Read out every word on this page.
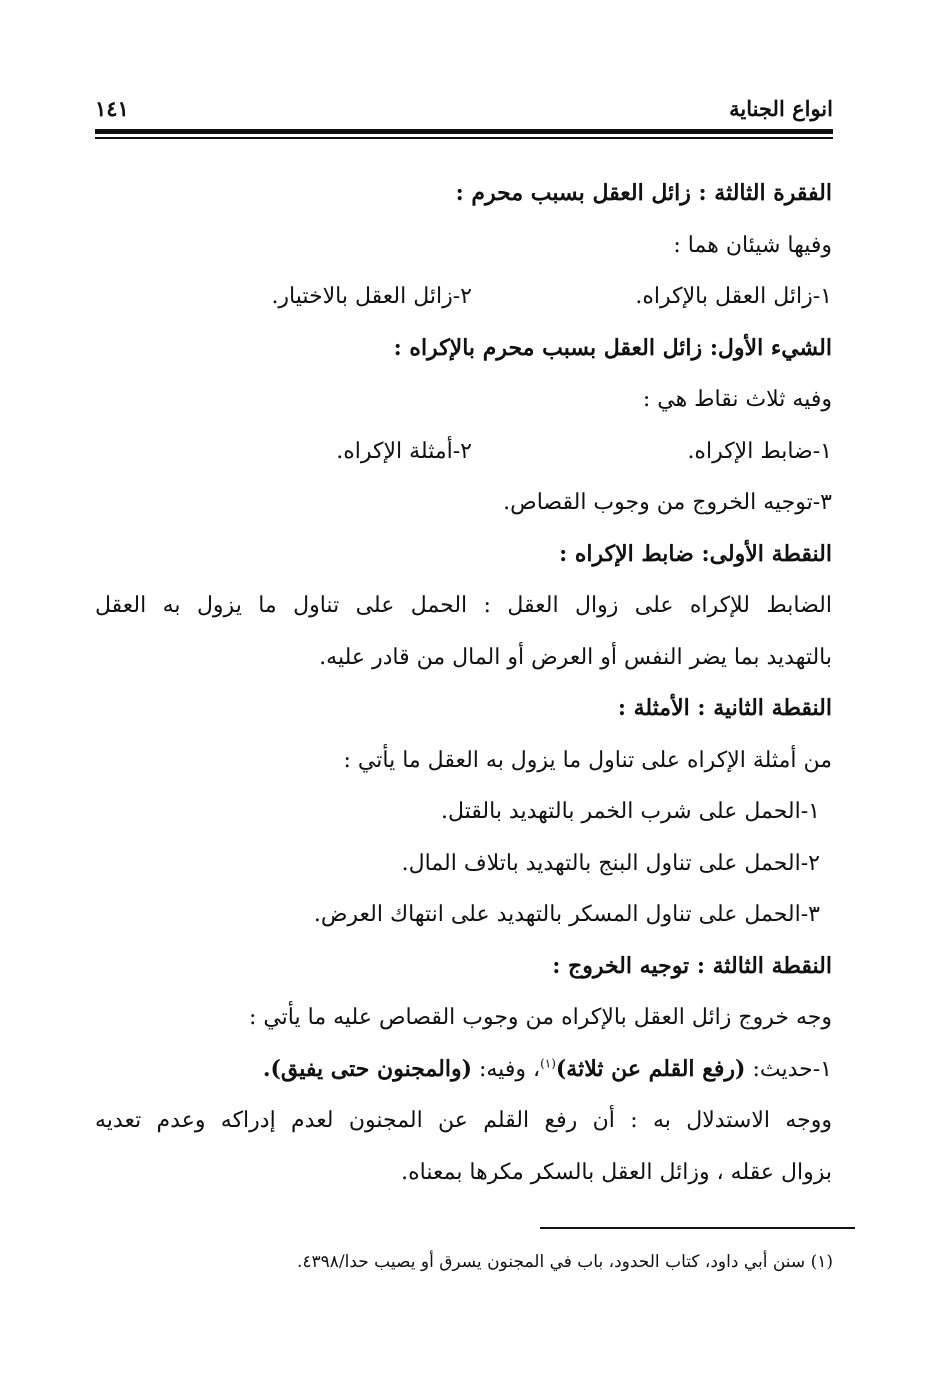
انواع الجناية
١٤١
الفقرة الثالثة : زائل العقل بسبب محرم :
وفيها شيئان هما :
١-زائل العقل بالإكراه.
٢-زائل العقل بالاختيار.
الشيء الأول: زائل العقل بسبب محرم بالإكراه :
وفيه ثلاث نقاط هي :
١-ضابط الإكراه.
٢-أمثلة الإكراه.
٣-توجيه الخروج من وجوب القصاص.
النقطة الأولى: ضابط الإكراه :
الضابط للإكراه على زوال العقل : الحمل على تناول ما يزول به العقل
بالتهديد بما يضر النفس أو العرض أو المال من قادر عليه.
النقطة الثانية : الأمثلة :
من أمثلة الإكراه على تناول ما يزول به العقل ما يأتي :
١-الحمل على شرب الخمر بالتهديد بالقتل.
٢-الحمل على تناول البنج بالتهديد باتلاف المال.
٣-الحمل على تناول المسكر بالتهديد على انتهاك العرض.
النقطة الثالثة : توجيه الخروج :
وجه خروج زائل العقل بالإكراه من وجوب القصاص عليه ما يأتي :
١-حديث: (رفع القلم عن ثلاثة)$^{(١)}$، وفيه: (والمجنون حتى يفيق).
ووجه الاستدلال به : أن رفع القلم عن المجنون لعدم إدراكه وعدم تعديه
بزوال عقله ، وزائل العقل بالسكر مكرها بمعناه.
(١) سنن أبي داود، كتاب الحدود، باب في المجنون يسرق أو يصيب حدا/٤٣٩٨.
